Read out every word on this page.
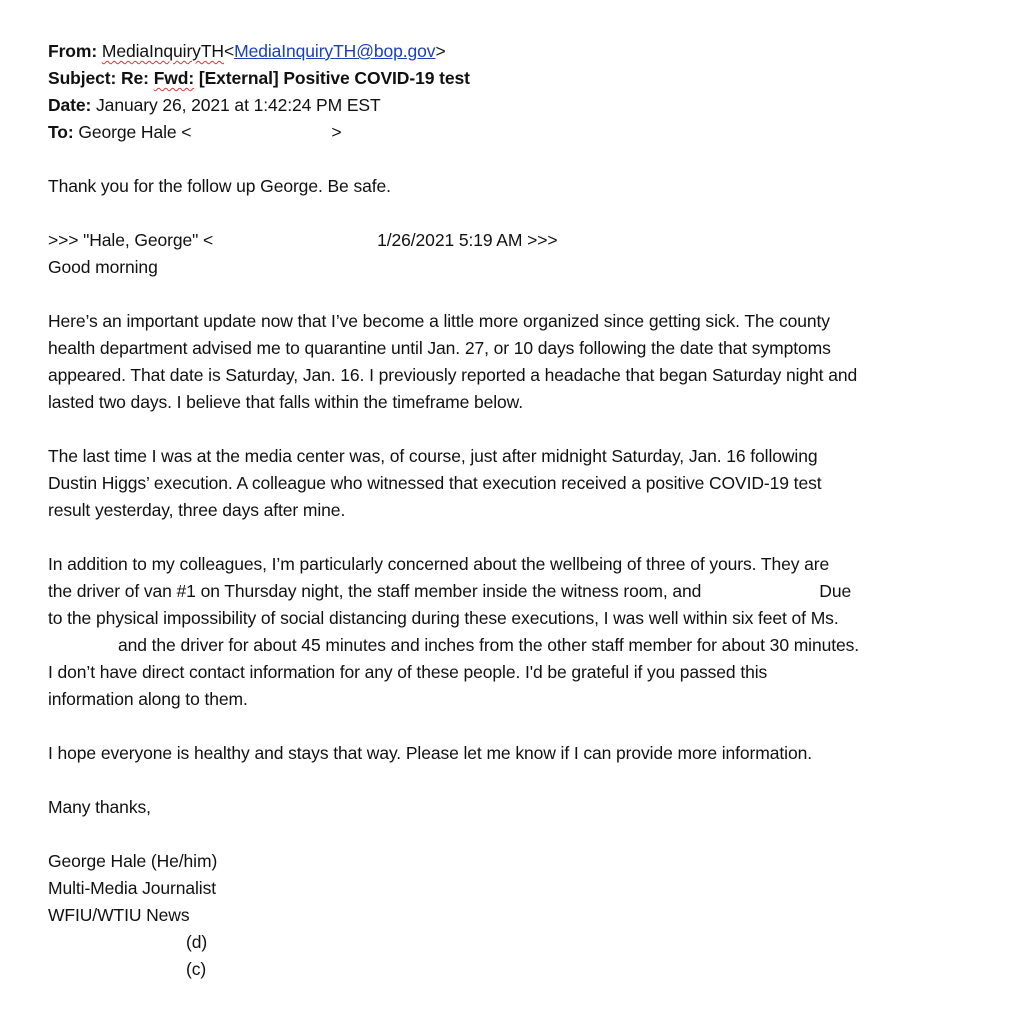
From: MediaInquiryTH<MediaInquiryTH@bop.gov>
Subject: Re: Fwd: [External] Positive COVID-19 test
Date: January 26, 2021 at 1:42:24 PM EST
To: George Hale <	>
Thank you for the follow up George. Be safe.
>>> "Hale, George" <	1/26/2021 5:19 AM >>>
Good morning
Here’s an important update now that I’ve become a little more organized since getting sick. The county
health department advised me to quarantine until Jan. 27, or 10 days following the date that symptoms
appeared. That date is Saturday, Jan. 16. I previously reported a headache that began Saturday night and
lasted two days. I believe that falls within the timeframe below.
The last time I was at the media center was, of course, just after midnight Saturday, Jan. 16 following
Dustin Higgs’ execution. A colleague who witnessed that execution received a positive COVID-19 test
result yesterday, three days after mine.
In addition to my colleagues, I’m particularly concerned about the wellbeing of three of yours. They are
the driver of van #1 on Thursday night, the staff member inside the witness room, and	Due
to the physical impossibility of social distancing during these executions, I was well within six feet of Ms.
and the driver for about 45 minutes and inches from the other staff member for about 30 minutes.
I don’t have direct contact information for any of these people. I'd be grateful if you passed this
information along to them.
I hope everyone is healthy and stays that way. Please let me know if I can provide more information.
Many thanks,
George Hale (He/him)
Multi-Media Journalist
WFIU/WTIU News
(d)
(c)
